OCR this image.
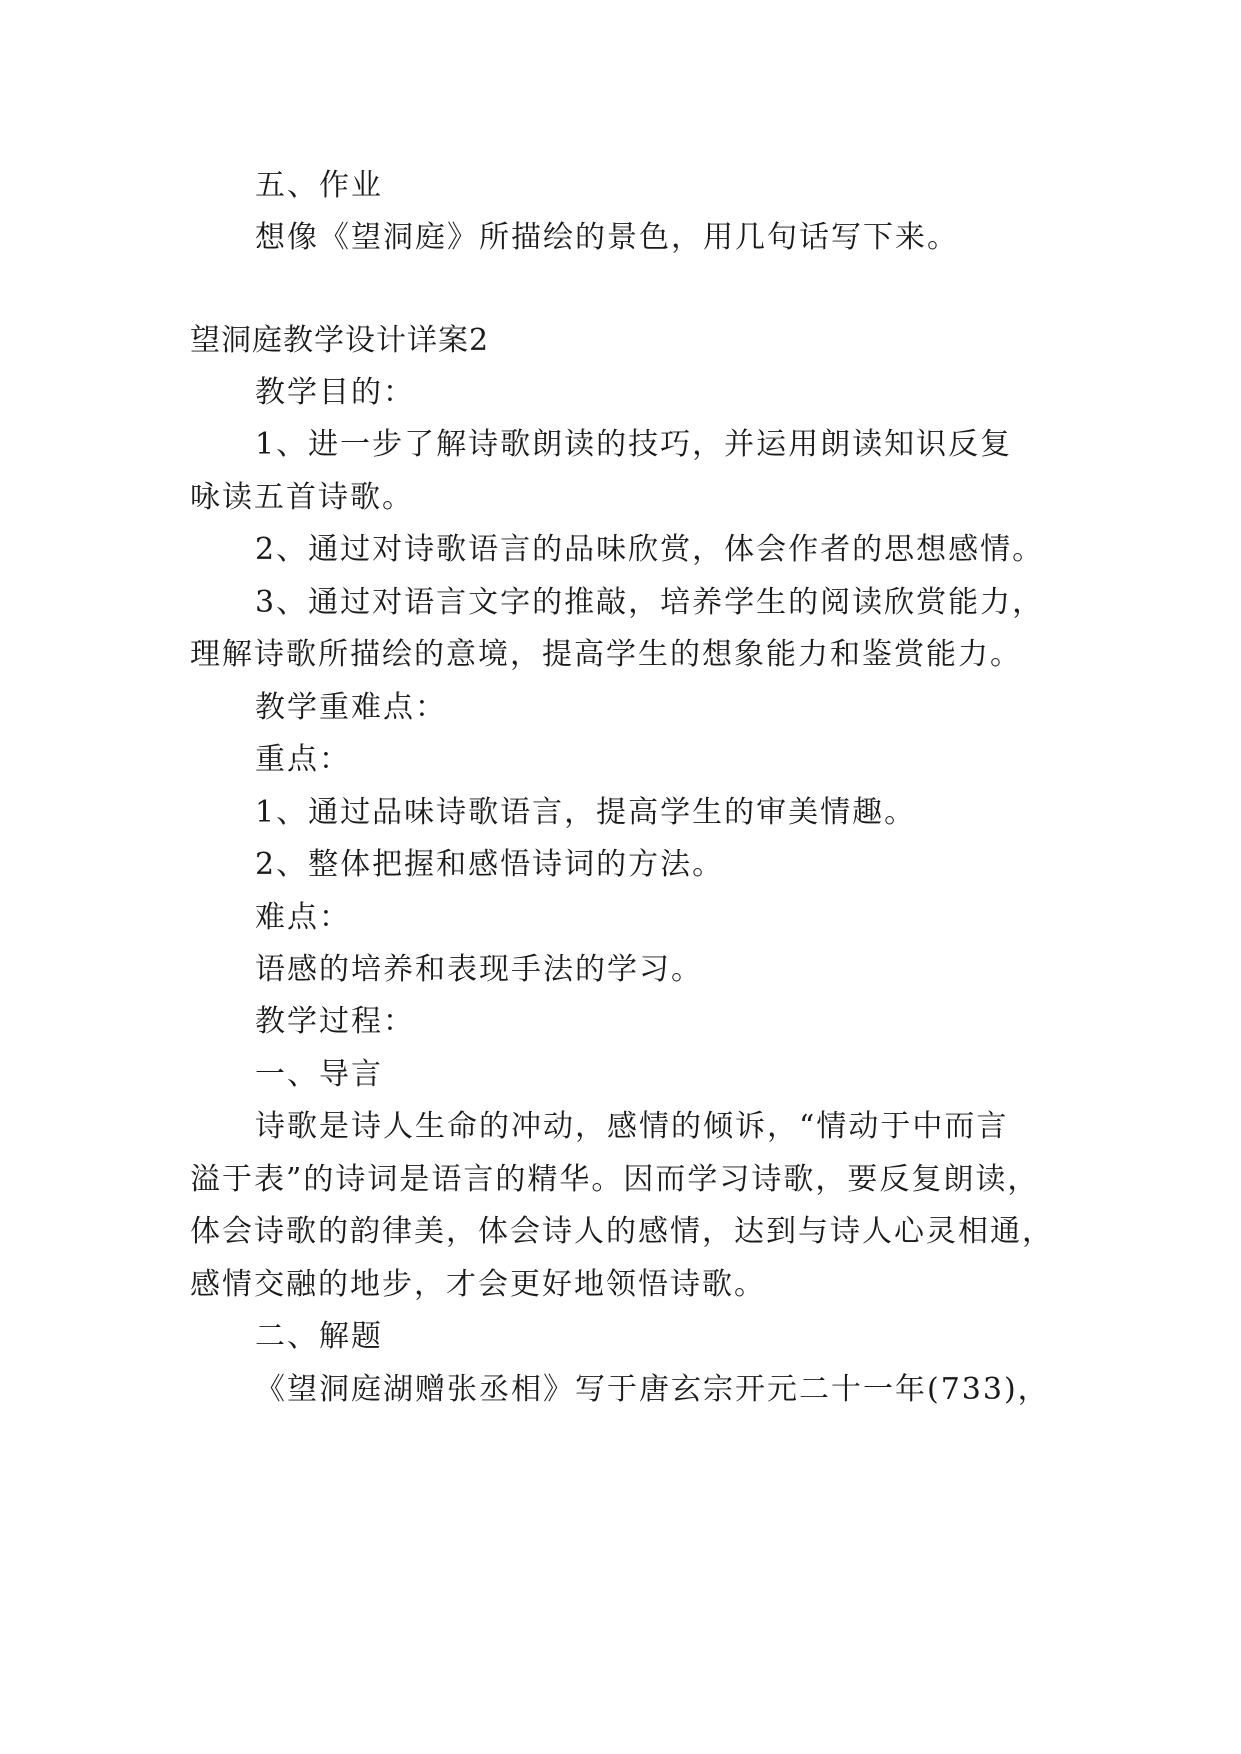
五、作业
想像《望洞庭》所描绘的景色，用几句话写下来。
望洞庭教学设计详案2
教学目的：
1、进一步了解诗歌朗读的技巧，并运用朗读知识反复
咏读五首诗歌。
2、通过对诗歌语言的品味欣赏，体会作者的思想感情。
3、通过对语言文字的推敲，培养学生的阅读欣赏能力，
理解诗歌所描绘的意境，提高学生的想象能力和鉴赏能力。
教学重难点：
重点：
1、通过品味诗歌语言，提高学生的审美情趣。
2、整体把握和感悟诗词的方法。
难点：
语感的培养和表现手法的学习。
教学过程：
一、导言
诗歌是诗人生命的冲动，感情的倾诉，“情动于中而言
溢于表”的诗词是语言的精华。因而学习诗歌，要反复朗读，
体会诗歌的韵律美，体会诗人的感情，达到与诗人心灵相通，
感情交融的地步，才会更好地领悟诗歌。
二、解题
《望洞庭湖赠张丞相》写于唐玄宗开元二十一年(733)，
